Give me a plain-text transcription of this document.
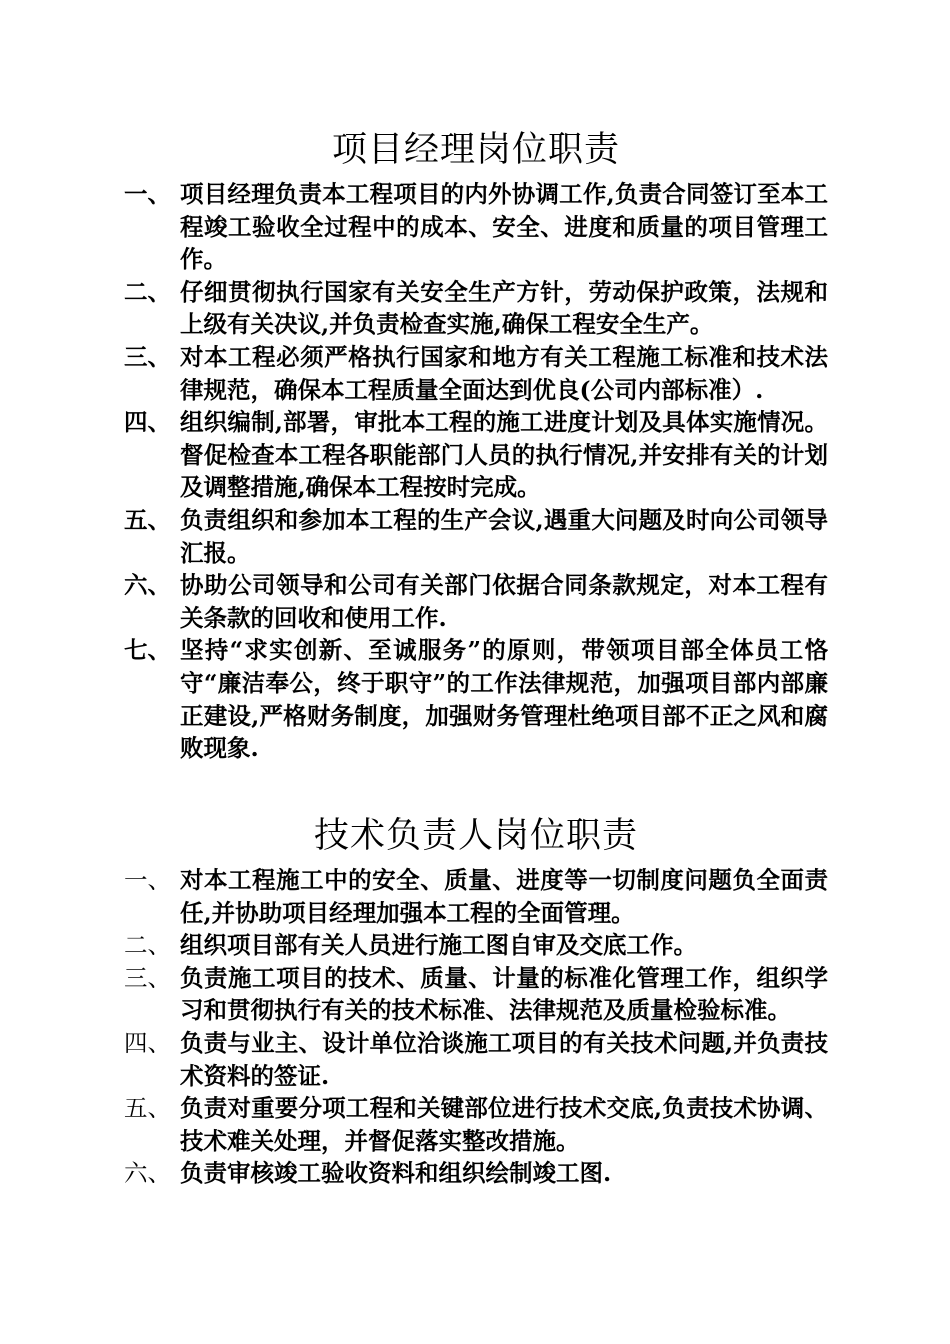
项目经理岗位职责
一、 项目经理负责本工程项目的内外协调工作,负责合同签订至本工程竣工验收全过程中的成本、安全、进度和质量的项目管理工作。
二、 仔细贯彻执行国家有关安全生产方针，劳动保护政策，法规和上级有关决议,并负责检查实施,确保工程安全生产。
三、 对本工程必须严格执行国家和地方有关工程施工标准和技术法律规范，确保本工程质量全面达到优良(公司内部标准）.
四、 组织编制,部署，审批本工程的施工进度计划及具体实施情况。督促检查本工程各职能部门人员的执行情况,并安排有关的计划及调整措施,确保本工程按时完成。
五、 负责组织和参加本工程的生产会议,遇重大问题及时向公司领导汇报。
六、 协助公司领导和公司有关部门依据合同条款规定，对本工程有关条款的回收和使用工作.
七、 坚持“求实创新、至诚服务”的原则，带领项目部全体员工恪守“廉洁奉公，终于职守”的工作法律规范，加强项目部内部廉正建设,严格财务制度，加强财务管理杜绝项目部不正之风和腐败现象.
技术负责人岗位职责
一、 对本工程施工中的安全、质量、进度等一切制度问题负全面责任,并协助项目经理加强本工程的全面管理。
二、 组织项目部有关人员进行施工图自审及交底工作。
三、 负责施工项目的技术、质量、计量的标准化管理工作，组织学习和贯彻执行有关的技术标准、法律规范及质量检验标准。
四、 负责与业主、设计单位洽谈施工项目的有关技术问题,并负责技术资料的签证.
五、 负责对重要分项工程和关键部位进行技术交底,负责技术协调、技术难关处理，并督促落实整改措施。
六、 负责审核竣工验收资料和组织绘制竣工图.
